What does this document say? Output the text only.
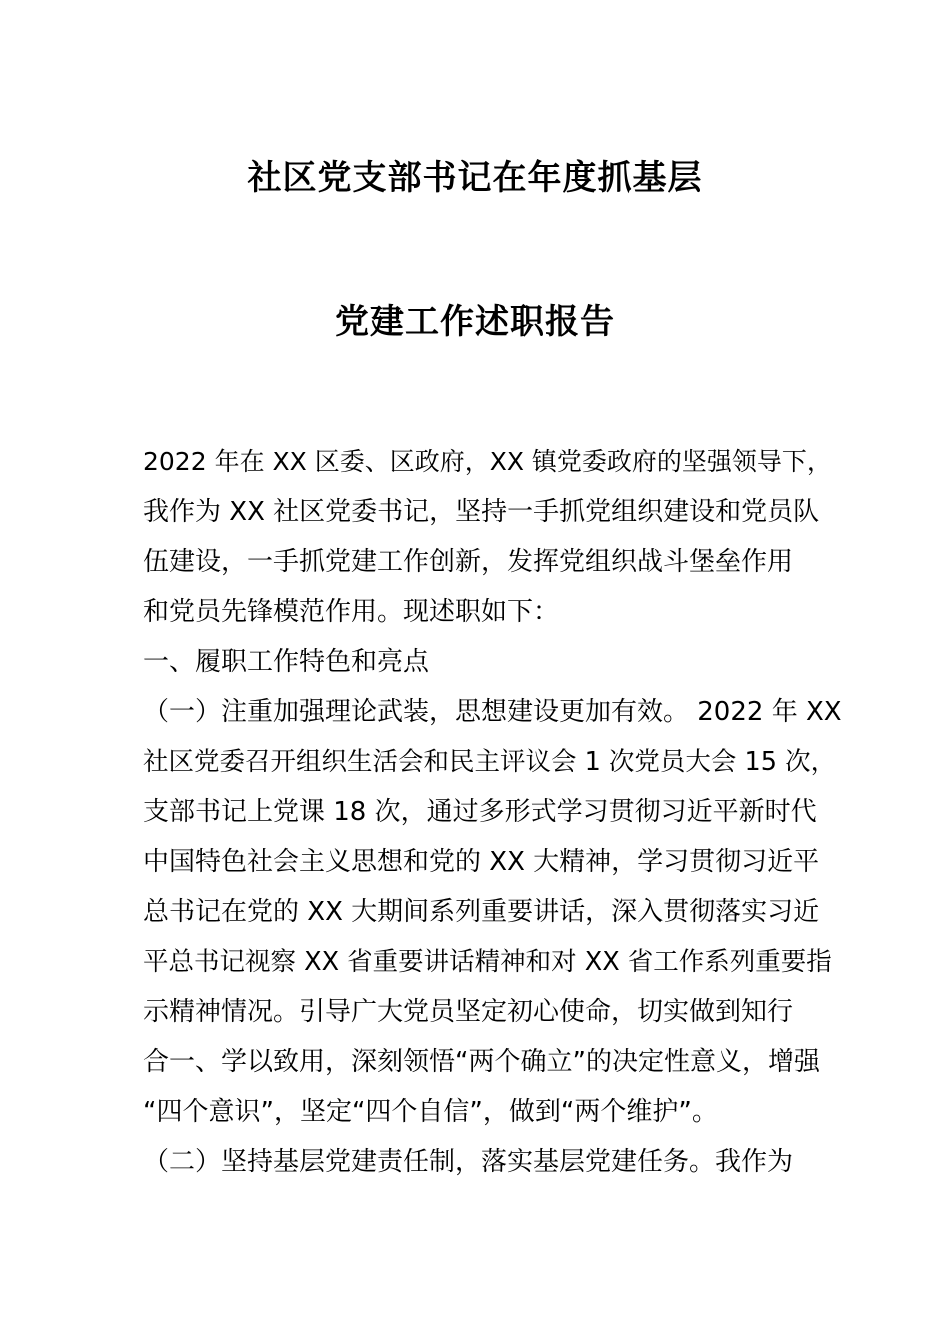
社区党支部书记在年度抓基层
党建工作述职报告
2022 年在 XX 区委、区政府，XX 镇党委政府的坚强领导下，
我作为 XX 社区党委书记，坚持一手抓党组织建设和党员队
伍建设，一手抓党建工作创新，发挥党组织战斗堡垒作用
和党员先锋模范作用。现述职如下：
一、履职工作特色和亮点
（一）注重加强理论武装，思想建设更加有效。 2022 年 XX
社区党委召开组织生活会和民主评议会 1 次党员大会 15 次，
支部书记上党课 18 次，通过多形式学习贯彻习近平新时代
中国特色社会主义思想和党的 XX 大精神，学习贯彻习近平
总书记在党的 XX 大期间系列重要讲话，深入贯彻落实习近
平总书记视察 XX 省重要讲话精神和对 XX 省工作系列重要指
示精神情况。引导广大党员坚定初心使命，切实做到知行
合一、学以致用，深刻领悟“两个确立”的决定性意义，增强
“四个意识”，坚定“四个自信”，做到“两个维护”。
（二）坚持基层党建责任制，落实基层党建任务。我作为
